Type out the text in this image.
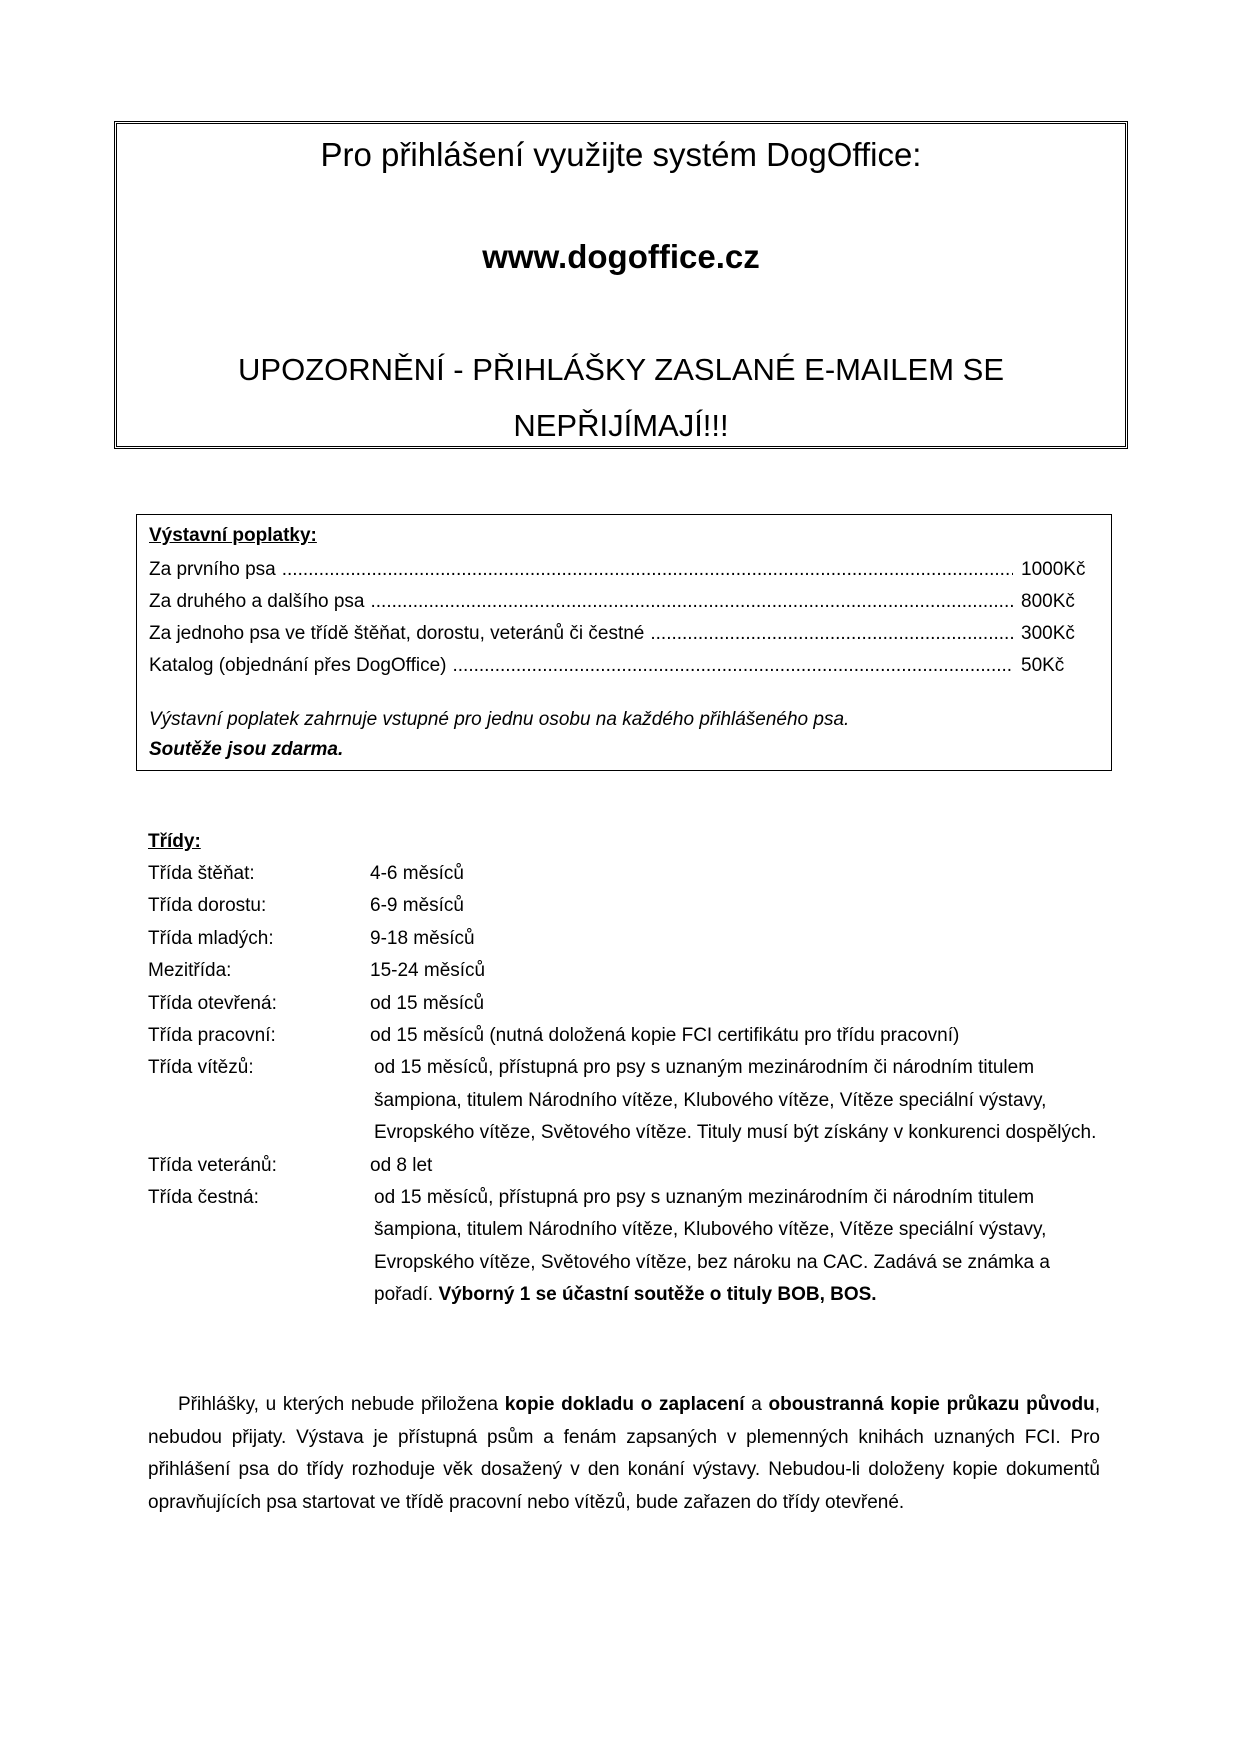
Pro přihlášení využijte systém DogOffice:
www.dogoffice.cz
UPOZORNĚNÍ - PŘIHLÁŠKY ZASLANÉ E-MAILEM SE NEPŘIJÍMAJÍ!!!
Výstavní poplatky:
Za prvního psa .....	1000Kč
Za druhého a dalšího psa .....	800Kč
Za jednoho psa ve třídě štěňat, dorostu, veteránů či čestné .....	300Kč
Katalog (objednání přes DogOffice) .....	50Kč
Výstavní poplatek zahrnuje vstupné pro jednu osobu na každého přihlášeného psa.
Soutěže jsou zdarma.
Třídy:
Třída štěňat:	4-6 měsíců
Třída dorostu:	6-9 měsíců
Třída mladých:	9-18 měsíců
Mezitřída:	15-24 měsíců
Třída otevřená:	od 15 měsíců
Třída pracovní:	od 15 měsíců (nutná doložená kopie FCI certifikátu pro třídu pracovní)
Třída vítězů:	od 15 měsíců, přístupná pro psy s uznaným mezinárodním či národním titulem šampiona, titulem Národního vítěze, Klubového vítěze, Vítěze speciální výstavy, Evropského vítěze, Světového vítěze. Tituly musí být získány v konkurenci dospělých.
Třída veteránů:	od 8 let
Třída čestná:	od 15 měsíců, přístupná pro psy s uznaným mezinárodním či národním titulem šampiona, titulem Národního vítěze, Klubového vítěze, Vítěze speciální výstavy, Evropského vítěze, Světového vítěze, bez nároku na CAC. Zadává se známka a pořadí. Výborný 1 se účastní soutěže o tituly BOB, BOS.
Přihlášky, u kterých nebude přiložena kopie dokladu o zaplacení a oboustranná kopie průkazu původu, nebudou přijaty. Výstava je přístupná psům a fenám zapsaných v plemenných knihách uznaných FCI. Pro přihlášení psa do třídy rozhoduje věk dosažený v den konání výstavy. Nebudou-li doloženy kopie dokumentů opravňujících psa startovat ve třídě pracovní nebo vítězů, bude zařazen do třídy otevřené.
